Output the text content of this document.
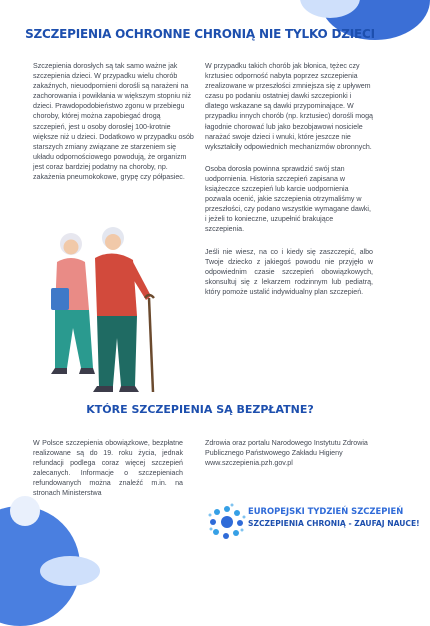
SZCZEPIENIA OCHRONNE CHRONIĄ NIE TYLKO DZIECI
Szczepienia dorosłych są tak samo ważne jak szczepienia dzieci. W przypadku wielu chorób zakaźnych, nieuodpornieni dorośli są narażeni na zachorowania i powikłania w większym stopniu niż dzieci. Prawdopodobieństwo zgonu w przebiegu choroby, której można zapobiegać drogą szczepień, jest u osoby dorosłej 100-krotnie większe niż u dzieci. Dodatkowo w przypadku osób starszych zmiany związane ze starzeniem się układu odpornościowego powodują, że organizm jest coraz bardziej podatny na choroby, np. zakażenia pneumokokowe, grypę czy półpasiec.

W przypadku takich chorób jak błonica, tężec czy krztusiec odporność nabyta poprzez szczepienia zrealizowane w przeszłości zmniejsza się z upływem czasu po podaniu ostatniej dawki szczepionki i dlatego wskazane są dawki przypominające. W przypadku innych chorób (np. krztusiec) dorośli mogą łagodnie chorować lub jako bezobjawowi nosiciele narażać swoje dzieci i wnuki, które jeszcze nie wykształciły odpowiednich mechanizmów obronnych.

Osoba dorosła powinna sprawdzić swój stan uodpornienia. Historia szczepień zapisana w książeczce szczepień lub karcie uodpornienia pozwala ocenić, jakie szczepienia otrzymaliśmy w przeszłości, czy podano wszystkie wymagane dawki, i jeżeli to konieczne, uzupełnić brakujące szczepienia.

Jeśli nie wiesz, na co i kiedy się zaszczepić, albo Twoje dziecko z jakiegoś powodu nie przyjęło w odpowiednim czasie szczepień obowiązkowych, skonsultuj się z lekarzem rodzinnym lub pediatrą, który pomoże ustalić indywidualny plan szczepień.

KTÓRE SZCZEPIENIA SĄ BEZPŁATNE?
W Polsce szczepienia obowiązkowe, bezpłatne realizowane są do 19. roku życia, jednak refundacji podlega coraz więcej szczepień zalecanych. Informacje o szczepieniach refundowanych można znaleźć m.in. na stronach Ministerstwa
Zdrowia oraz portalu Narodowego Instytutu Zdrowia Publicznego Państwowego Zakładu Higieny www.szczepienia.pzh.gov.pl
EUROPEJSKI TYDZIEŃ SZCZEPIEŃ
SZCZEPIENIA CHRONIĄ - ZAUFAJ NAUCE!
